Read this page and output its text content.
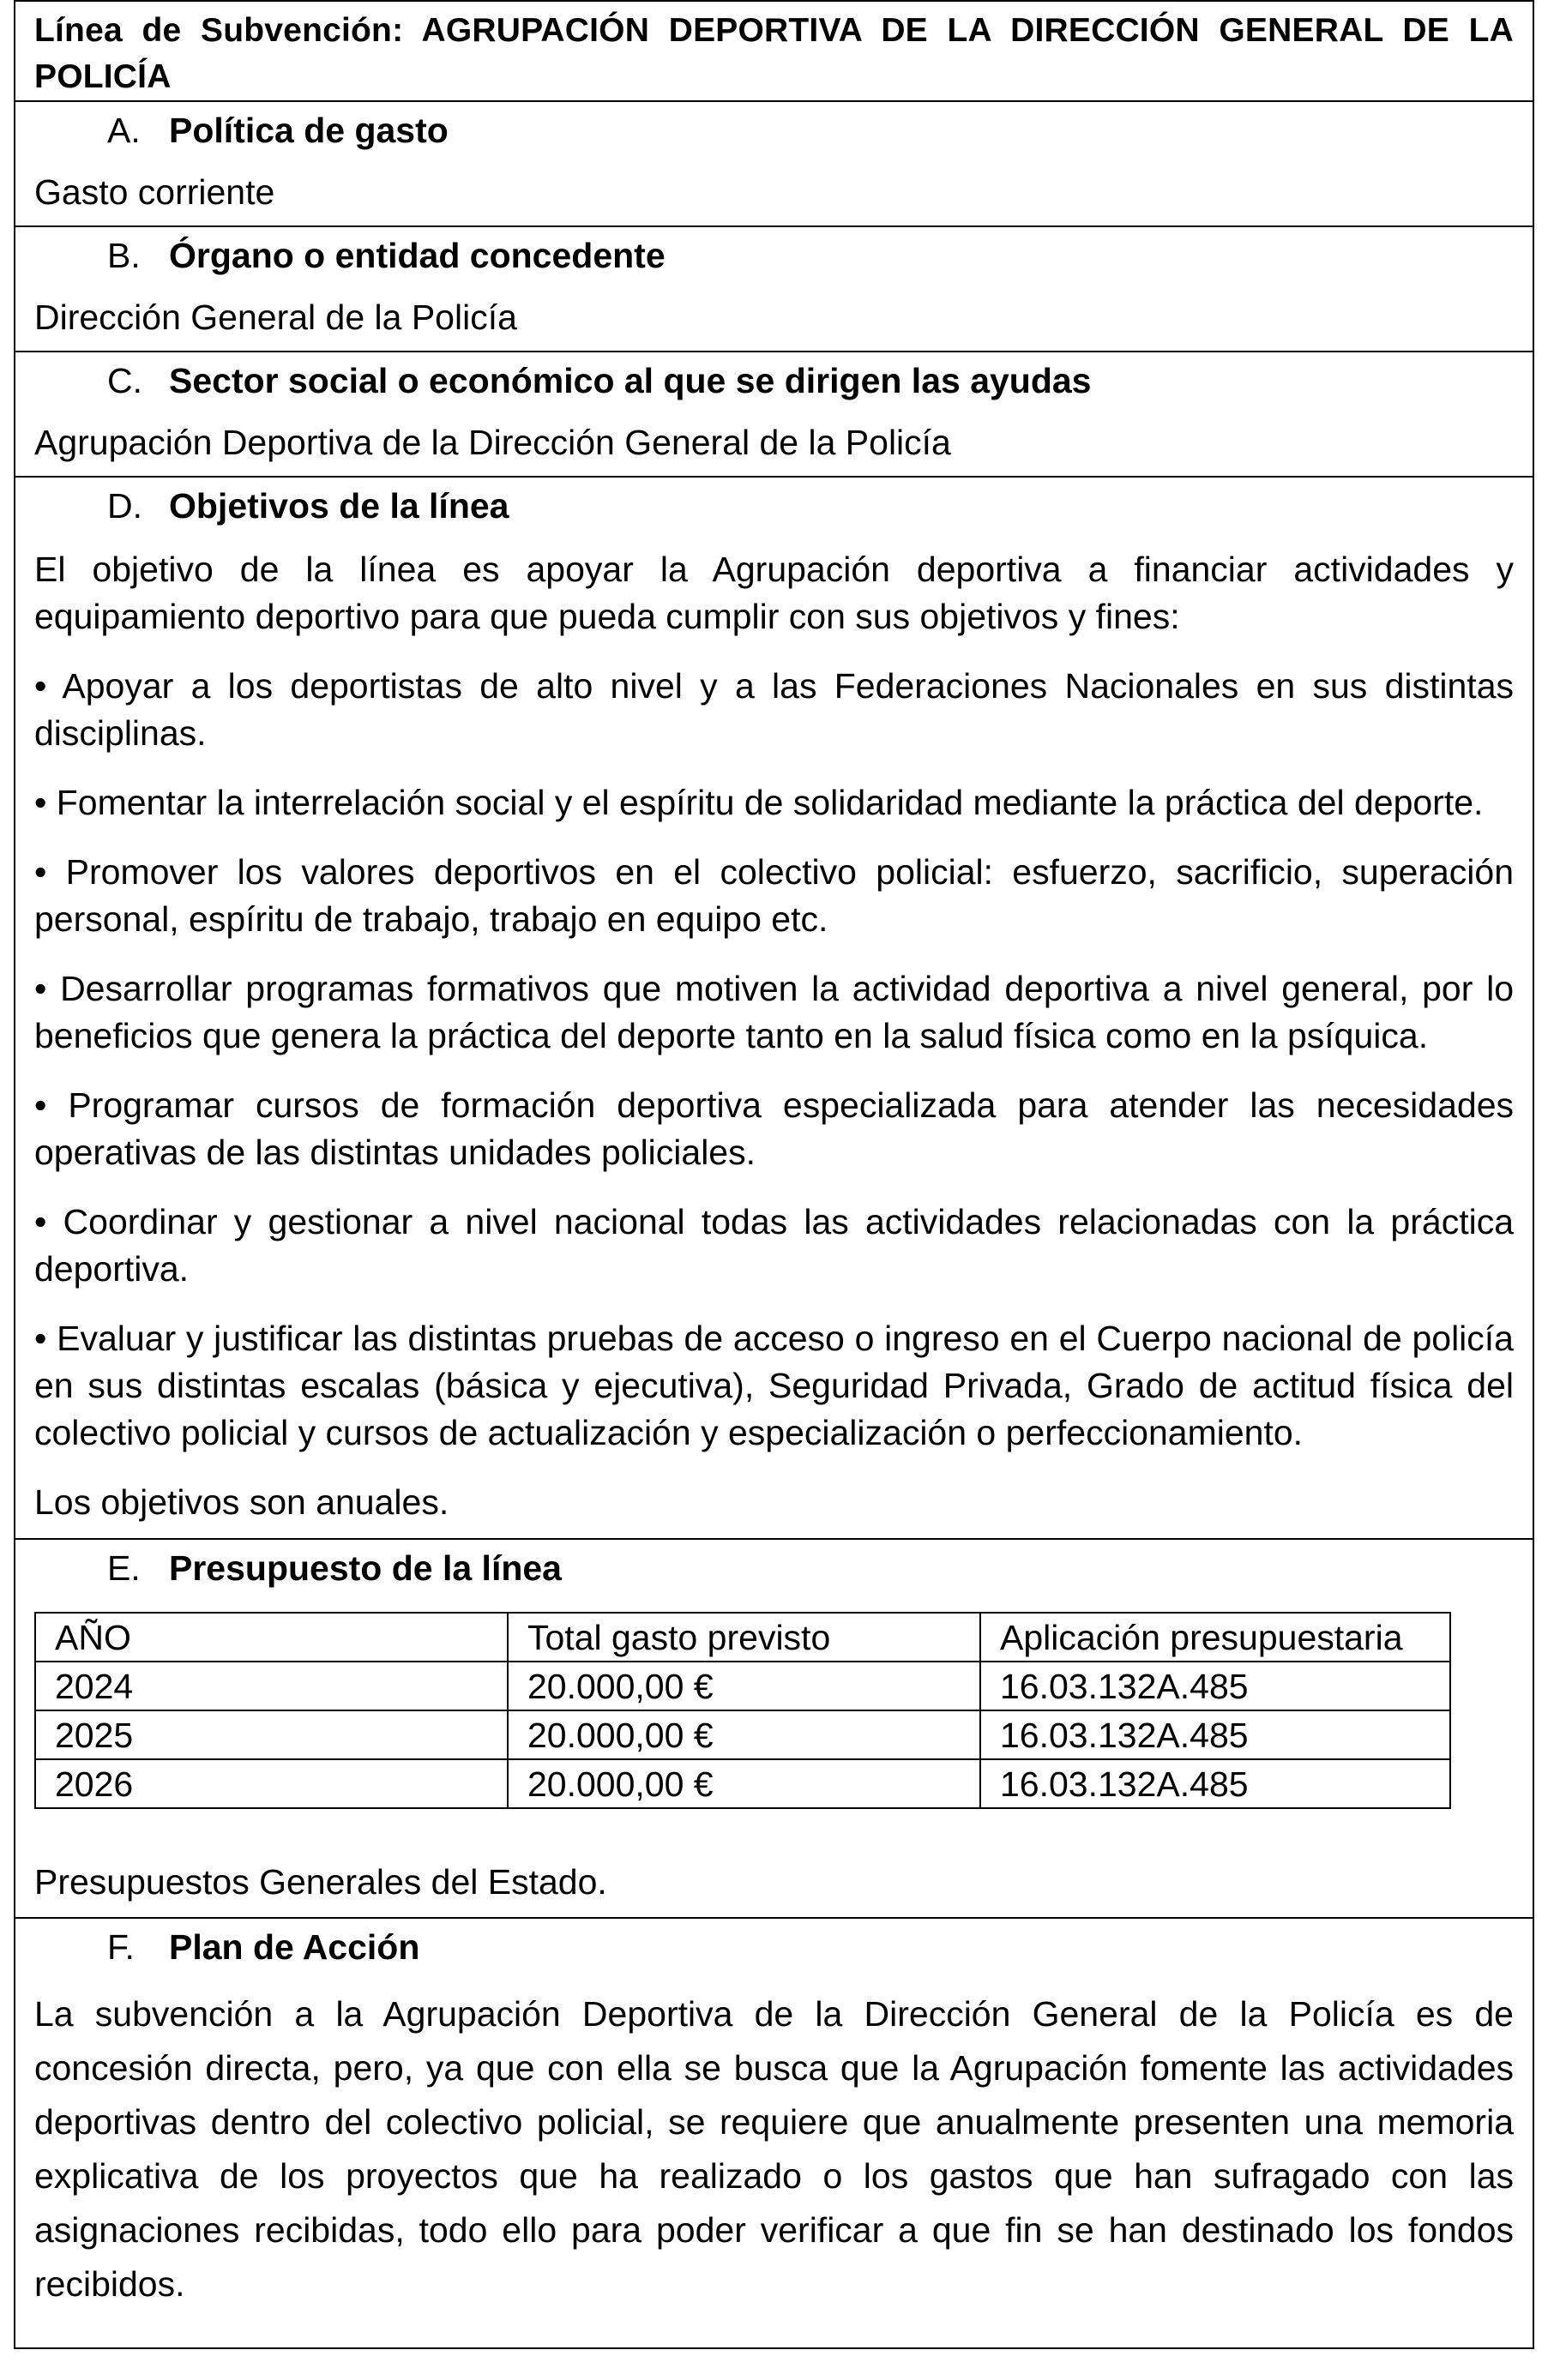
Línea de Subvención: AGRUPACIÓN DEPORTIVA DE LA DIRECCIÓN GENERAL DE LA POLICÍA
A. Política de gasto

Gasto corriente

B. Órgano o entidad concedente

Dirección General de la Policía

C. Sector social o económico al que se dirigen las ayudas

Agrupación Deportiva de la Dirección General de la Policía

D. Objetivos de la línea

El objetivo de la línea es apoyar la Agrupación deportiva a financiar actividades y equipamiento deportivo para que pueda cumplir con sus objetivos y fines:

• Apoyar a los deportistas de alto nivel y a las Federaciones Nacionales en sus distintas disciplinas.

• Fomentar la interrelación social y el espíritu de solidaridad mediante la práctica del deporte.

• Promover los valores deportivos en el colectivo policial: esfuerzo, sacrificio, superación personal, espíritu de trabajo, trabajo en equipo etc.

• Desarrollar programas formativos que motiven la actividad deportiva a nivel general, por lo beneficios que genera la práctica del deporte tanto en la salud física como en la psíquica.

• Programar cursos de formación deportiva especializada para atender las necesidades operativas de las distintas unidades policiales.

• Coordinar y gestionar a nivel nacional todas las actividades relacionadas con la práctica deportiva.

• Evaluar y justificar las distintas pruebas de acceso o ingreso en el Cuerpo nacional de policía en sus distintas escalas (básica y ejecutiva), Seguridad Privada, Grado de actitud física del colectivo policial y cursos de actualización y especialización o perfeccionamiento.

Los objetivos son anuales.

E. Presupuesto de la línea
AÑO	Total gasto previsto	Aplicación presupuestaria
2024	20.000,00 €	16.03.132A.485
2025	20.000,00 €	16.03.132A.485
2026	20.000,00 €	16.03.132A.485

Presupuestos Generales del Estado.

F. Plan de Acción

La subvención a la Agrupación Deportiva de la Dirección General de la Policía es de concesión directa, pero, ya que con ella se busca que la Agrupación fomente las actividades deportivas dentro del colectivo policial, se requiere que anualmente presenten una memoria explicativa de los proyectos que ha realizado o los gastos que han sufragado con las asignaciones recibidas, todo ello para poder verificar a que fin se han destinado los fondos recibidos.
